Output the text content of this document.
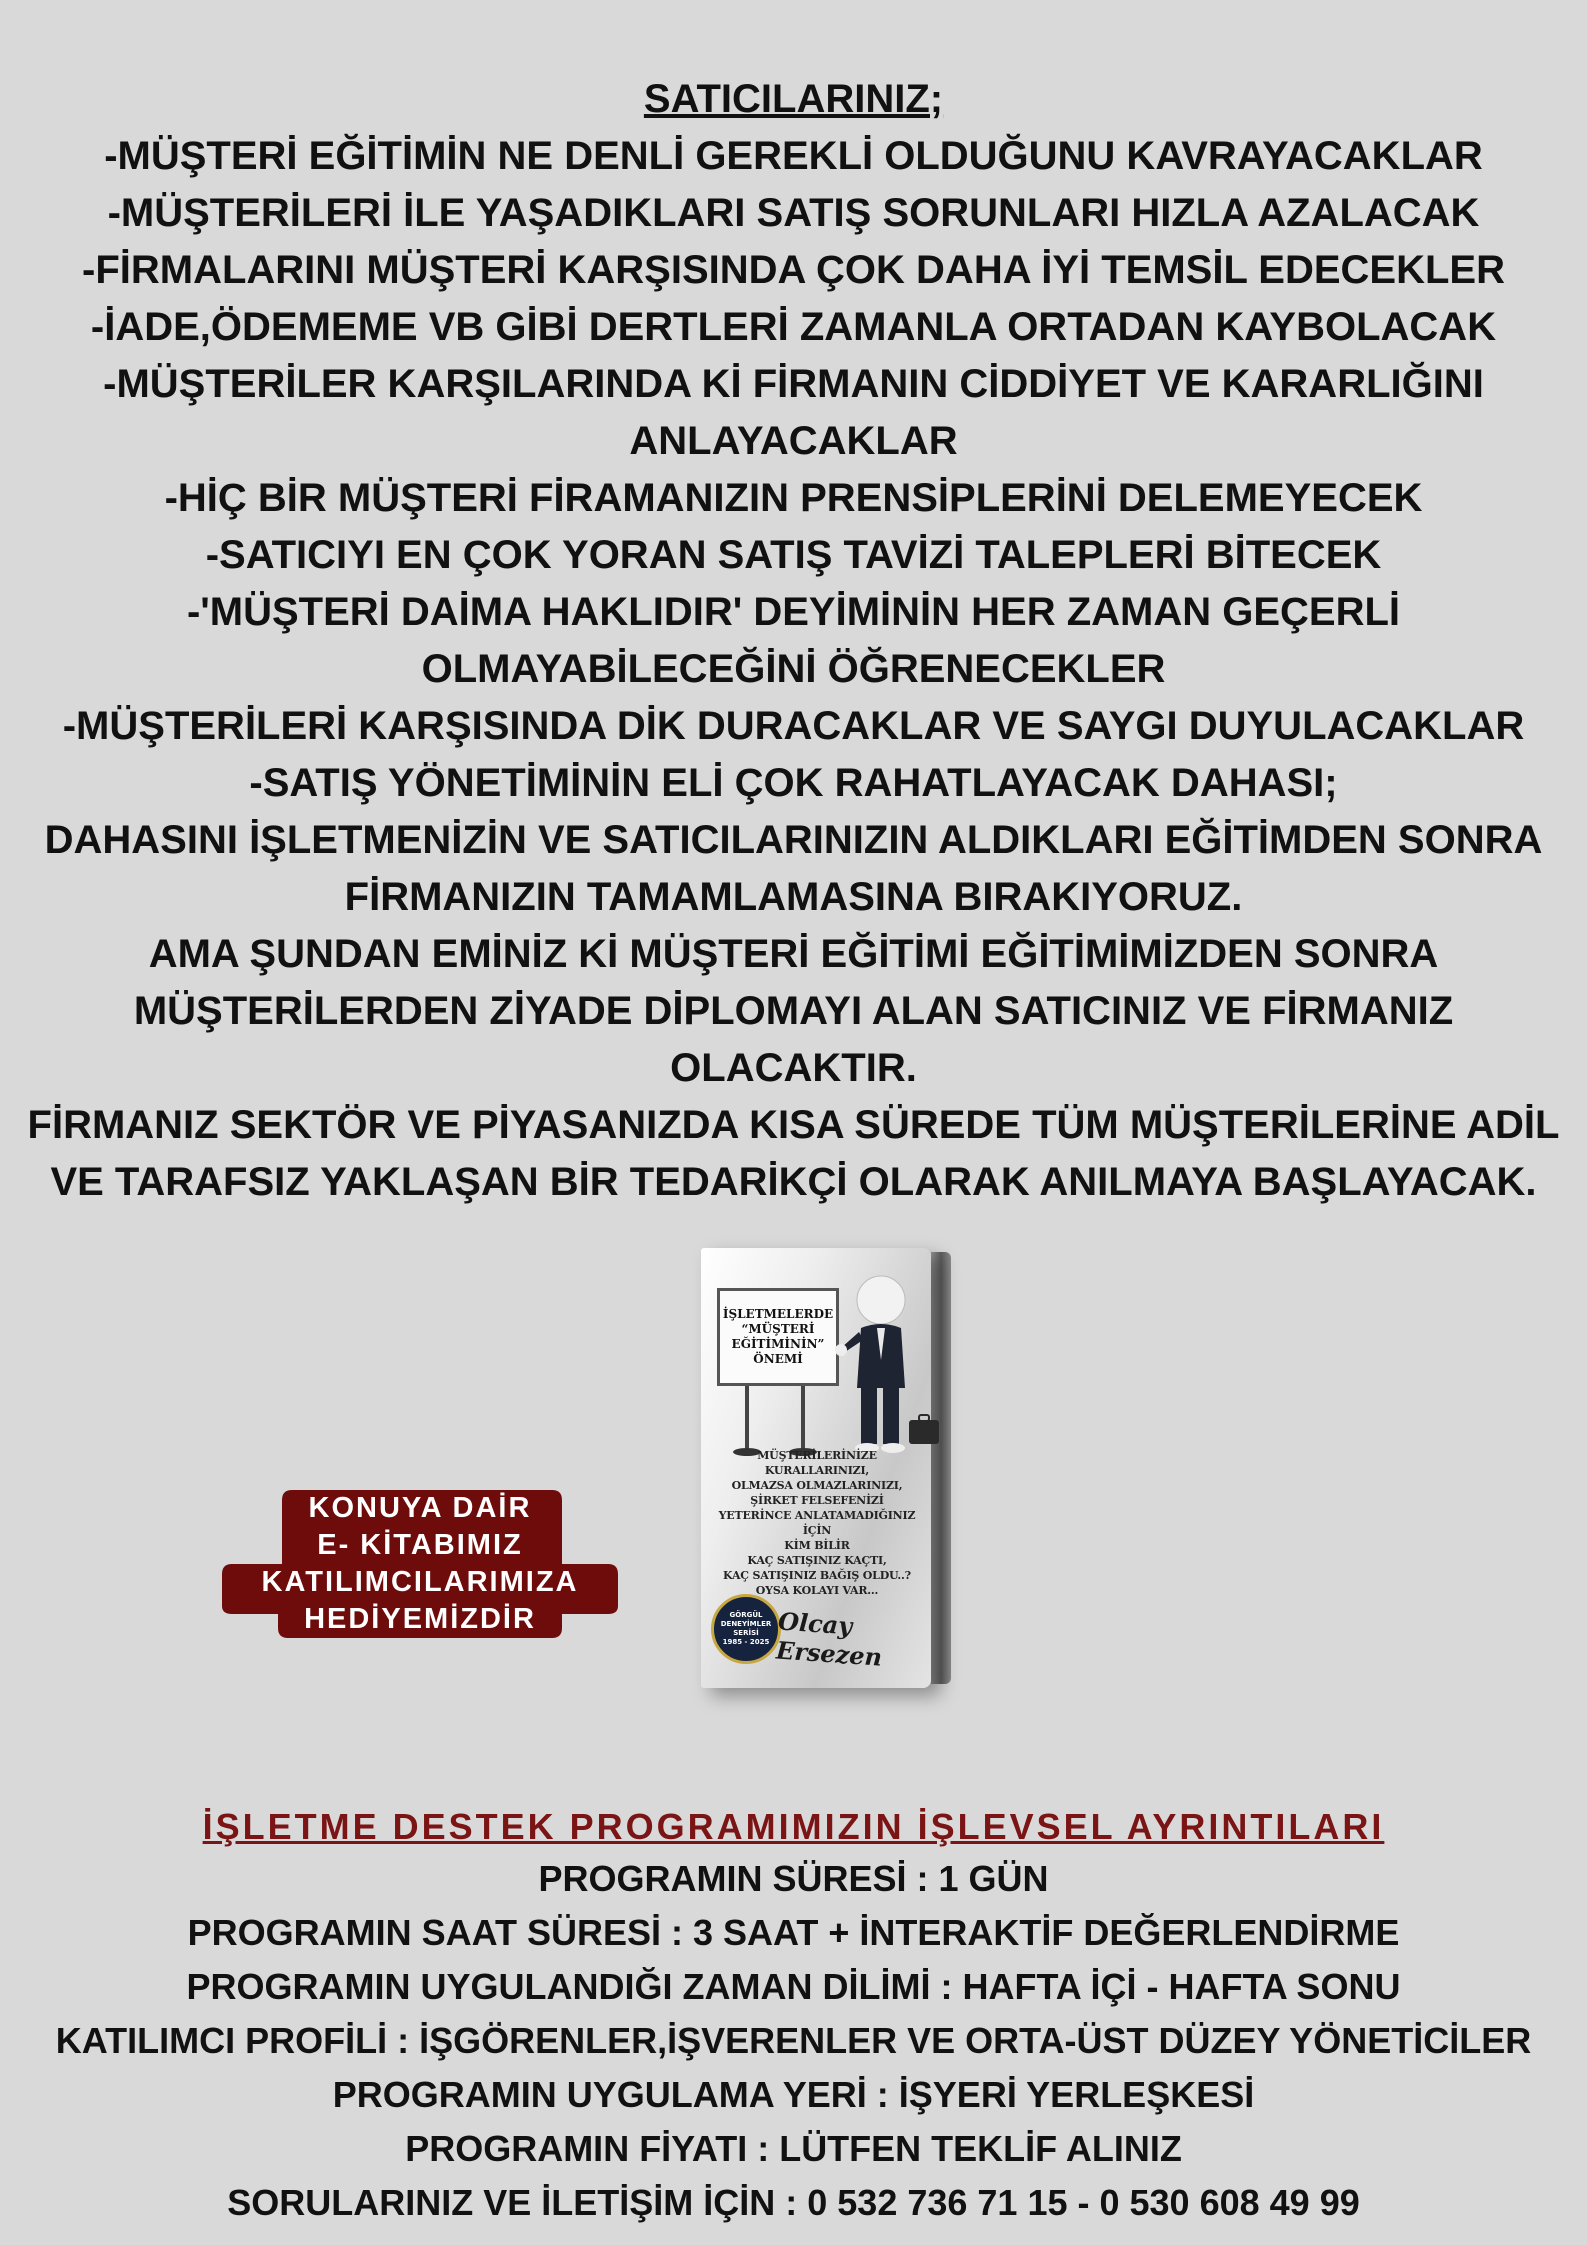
SATICILARINIZ;
-MÜŞTERİ EĞİTİMİN NE DENLİ GEREKLİ OLDUĞUNU KAVRAYACAKLAR
-MÜŞTERİLERİ İLE YAŞADIKLARI SATIŞ SORUNLARI HIZLA AZALACAK
-FİRMALARINI MÜŞTERİ KARŞISINDA ÇOK DAHA İYİ TEMSİL EDECEKLER
-İADE,ÖDEMEME VB GİBİ DERTLERİ ZAMANLA ORTADAN KAYBOLACAK
-MÜŞTERİLER KARŞILARINDA Kİ FİRMANIN CİDDİYET VE KARARLIĞINI
ANLAYACAKLAR
-HİÇ BİR MÜŞTERİ FİRAMANIZIN PRENSİPLERİNİ DELEMEYECEK
-SATICIYI EN ÇOK YORAN SATIŞ TAVİZİ TALEPLERİ BİTECEK
-'MÜŞTERİ DAİMA HAKLIDIR' DEYİMİNİN HER ZAMAN GEÇERLİ
OLMAYABİLECEĞİNİ ÖĞRENECEKLER
-MÜŞTERİLERİ KARŞISINDA DİK DURACAKLAR VE SAYGI DUYULACAKLAR
-SATIŞ YÖNETİMİNİN ELİ ÇOK RAHATLAYACAK DAHASI;
DAHASINI İŞLETMENİZİN VE SATICILARINIZIN ALDIKLARI EĞİTİMDEN SONRA
FİRMANIZIN TAMAMLAMASINA BIRAKIYORUZ.
AMA ŞUNDAN EMİNİZ Kİ MÜŞTERİ EĞİTİMİ EĞİTİMİMİZDEN SONRA
MÜŞTERİLERDEN ZİYADE DİPLOMAYI ALAN SATICINIZ VE FİRMANIZ
OLACAKTIR.
FİRMANIZ SEKTÖR VE PİYASANIZDA KISA SÜREDE TÜM MÜŞTERİLERİNE ADİL
VE TARAFSIZ YAKLAŞAN BİR TEDARİKÇİ OLARAK ANILMAYA BAŞLAYACAK.
KONUYA DAİR
E- KİTABIMIZ
KATILIMCILARIMIZA
HEDİYEMİZDİR
İŞLETMELERDE
“MÜŞTERİ
EĞİTİMİNİN”
ÖNEMİ
MÜŞTERİLERİNİZE KURALLARINIZI,
OLMAZSA OLMAZLARINIZI,
ŞİRKET FELSEFENİZİ
YETERİNCE ANLATAMADIĞINIZ İÇİN
KİM BİLİR
KAÇ SATIŞINIZ KAÇTI,
KAÇ SATIŞINIZ BAĞIŞ OLDU..?
OYSA KOLAYI VAR...
GÖRGÜL
DENEYİMLER
SERİSİ
1985 - 2025
Olcay Ersezen
İŞLETME DESTEK PROGRAMIMIZIN İŞLEVSEL AYRINTILARI
PROGRAMIN SÜRESİ : 1 GÜN
PROGRAMIN SAAT SÜRESİ : 3 SAAT + İNTERAKTİF DEĞERLENDİRME
PROGRAMIN UYGULANDIĞI ZAMAN DİLİMİ : HAFTA İÇİ - HAFTA SONU
KATILIMCI PROFİLİ : İŞGÖRENLER,İŞVERENLER VE ORTA-ÜST DÜZEY YÖNETİCİLER
PROGRAMIN UYGULAMA YERİ : İŞYERİ YERLEŞKESİ
PROGRAMIN FİYATI : LÜTFEN TEKLİF ALINIZ
SORULARINIZ VE İLETİŞİM İÇİN : 0 532 736 71 15 - 0 530 608 49 99
